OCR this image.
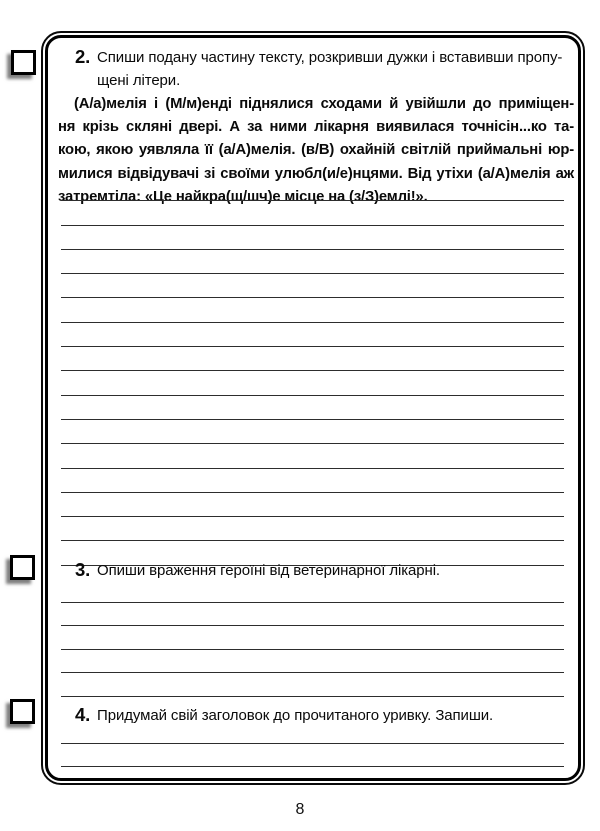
2. Спиши подану частину тексту, розкривши дужки і вставивши пропу-
щені літери.
(А/а)мелія і (М/м)енді піднялися сходами й увійшли до приміщен-
ня крізь скляні двері. А за ними лікарня виявилася точнісін...ко та-
кою, якою уявляла її (а/А)мелія. (в/В) охайній світлій приймальні юр-
милися відвідувачі зі своїми улюбл(и/е)нцями. Від утіхи (а/А)мелія аж
затремтіла: «Це найкра(щ/шч)е місце на (з/З)емлі!».
3. Опиши враження героїні від ветеринарної лікарні.
4. Придумай свій заголовок до прочитаного уривку. Запиши.
8
